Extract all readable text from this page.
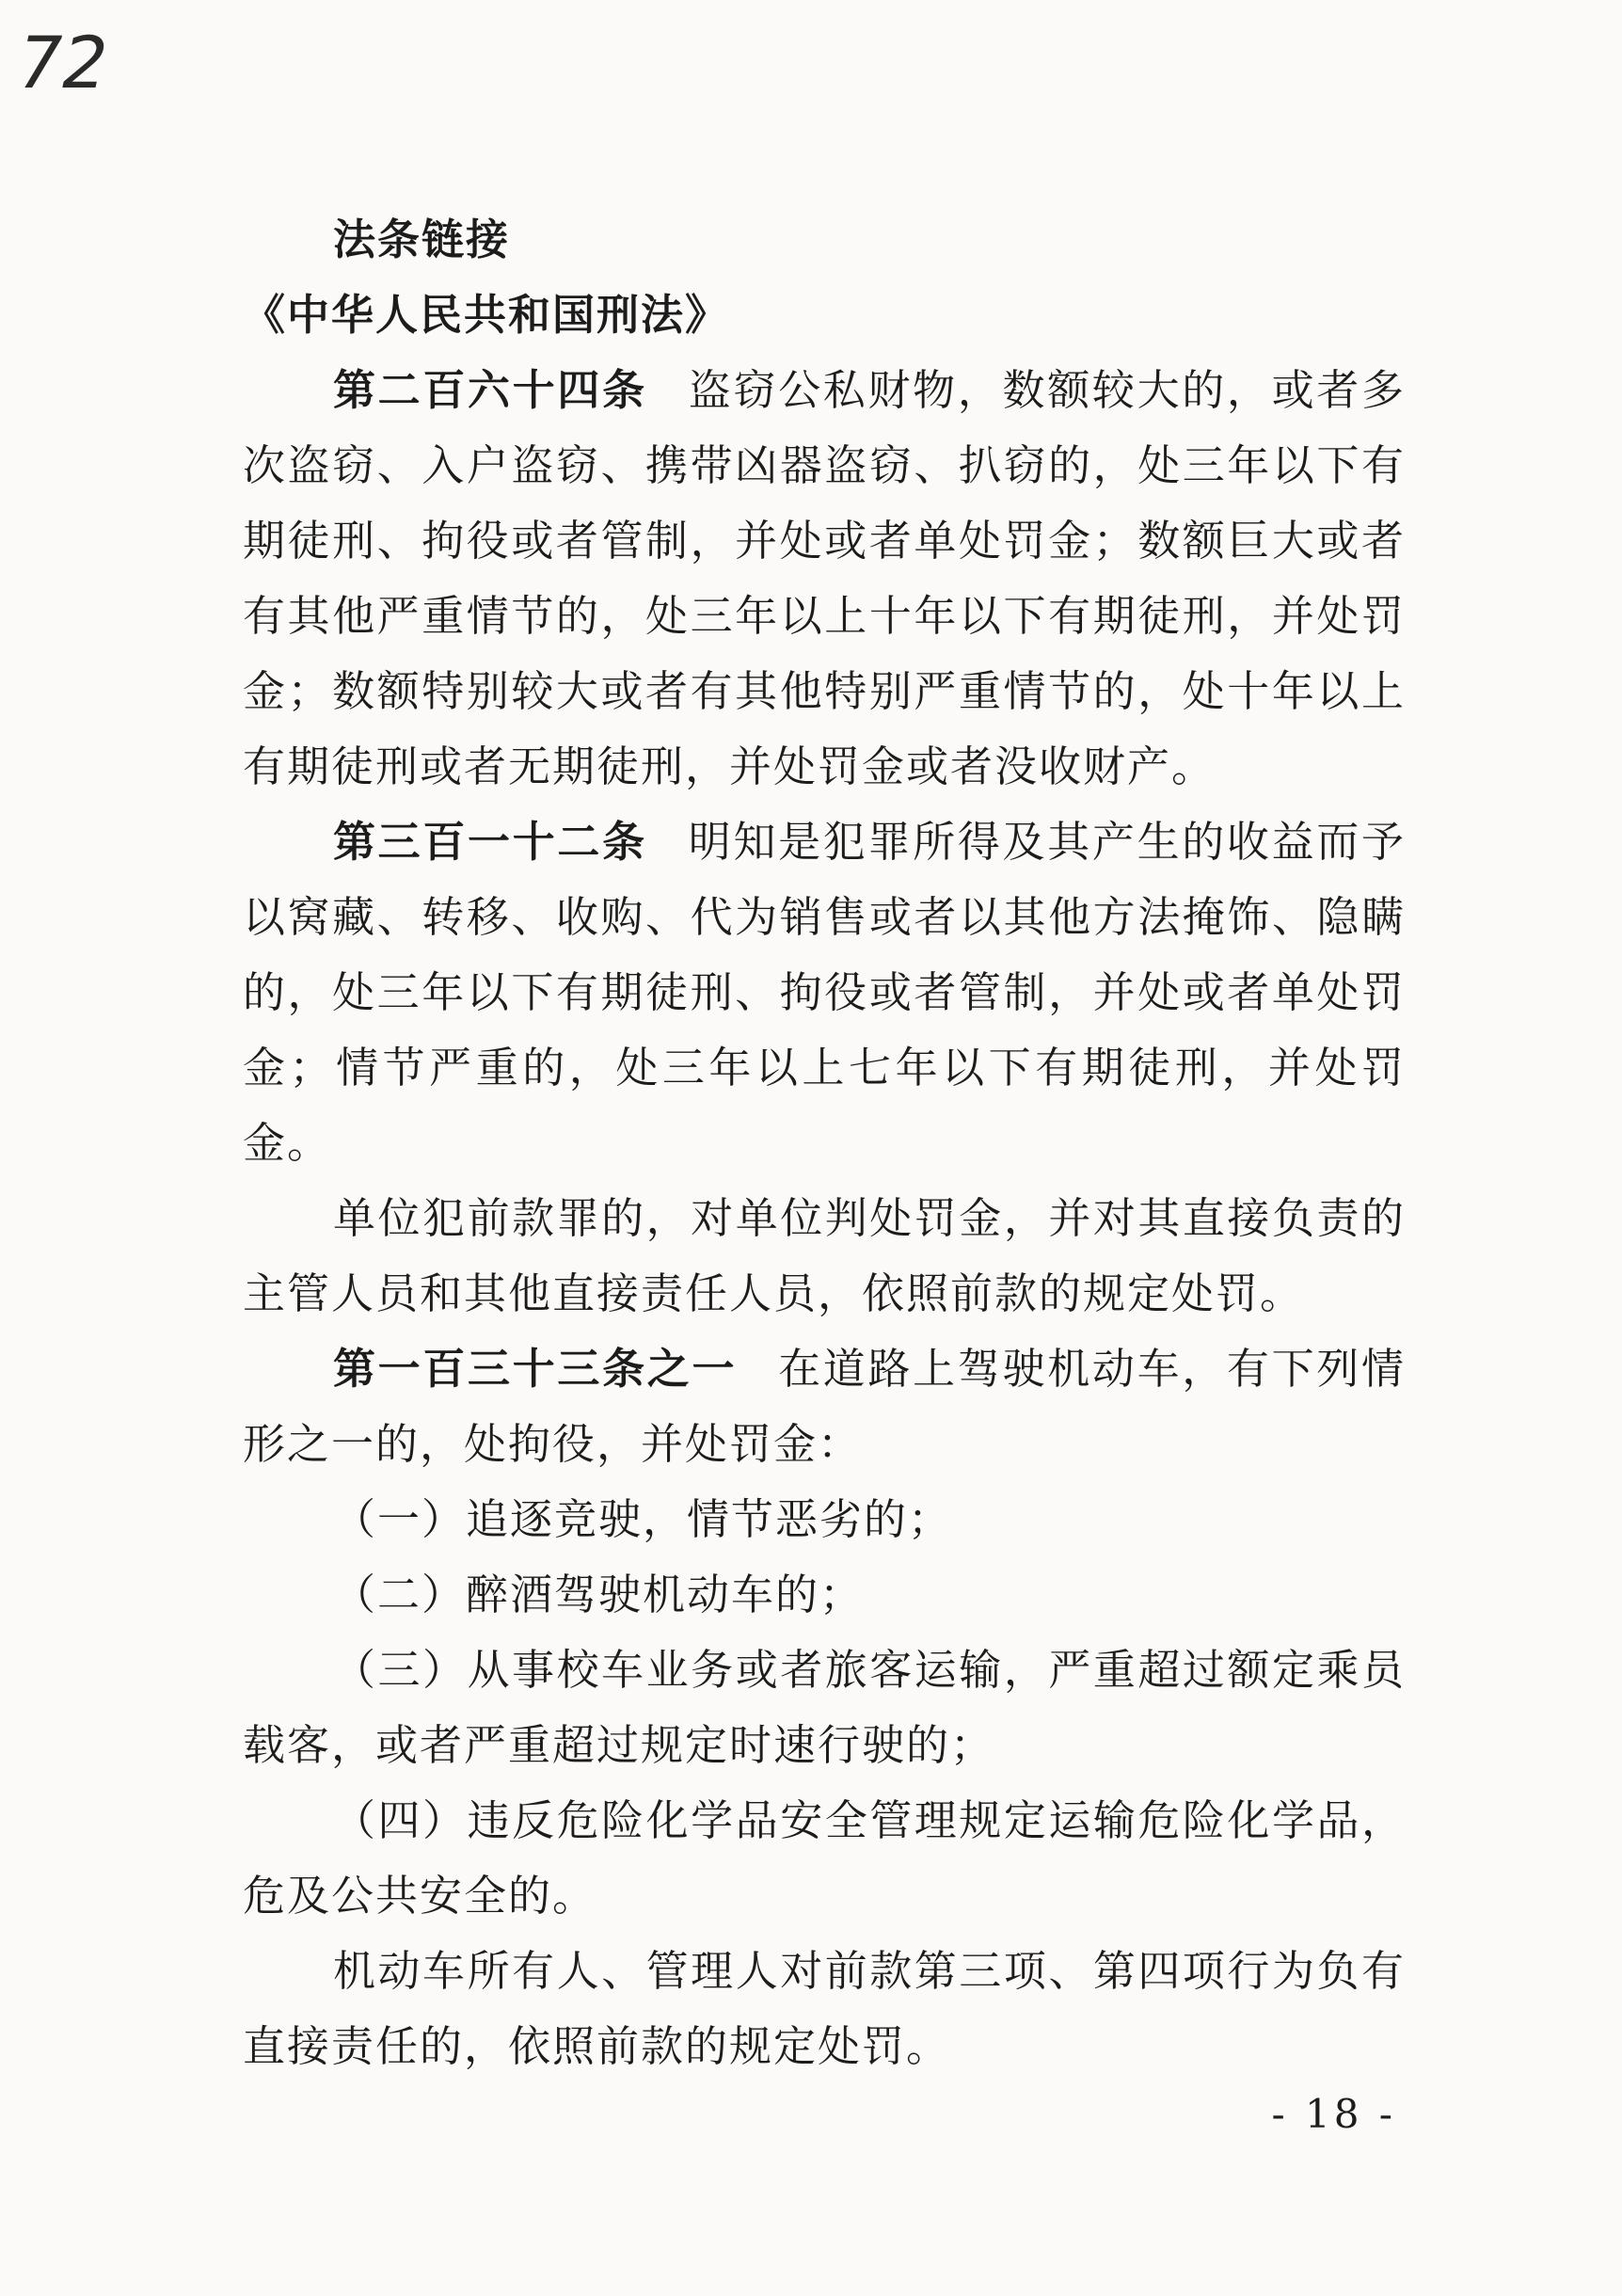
72

法条链接

《中华人民共和国刑法》

第二百六十四条 盗窃公私财物，数额较大的，或者多次盗窃、入户盗窃、携带凶器盗窃、扒窃的，处三年以下有期徒刑、拘役或者管制，并处或者单处罚金；数额巨大或者有其他严重情节的，处三年以上十年以下有期徒刑，并处罚金；数额特别较大或者有其他特别严重情节的，处十年以上有期徒刑或者无期徒刑，并处罚金或者没收财产。

第三百一十二条 明知是犯罪所得及其产生的收益而予以窝藏、转移、收购、代为销售或者以其他方法掩饰、隐瞒的，处三年以下有期徒刑、拘役或者管制，并处或者单处罚金；情节严重的，处三年以上七年以下有期徒刑，并处罚金。

单位犯前款罪的，对单位判处罚金，并对其直接负责的主管人员和其他直接责任人员，依照前款的规定处罚。

第一百三十三条之一 在道路上驾驶机动车，有下列情形之一的，处拘役，并处罚金：

（一）追逐竞驶，情节恶劣的；

（二）醉酒驾驶机动车的；

（三）从事校车业务或者旅客运输，严重超过额定乘员载客，或者严重超过规定时速行驶的；

（四）违反危险化学品安全管理规定运输危险化学品，危及公共安全的。

机动车所有人、管理人对前款第三项、第四项行为负有直接责任的，依照前款的规定处罚。

- 18 -
